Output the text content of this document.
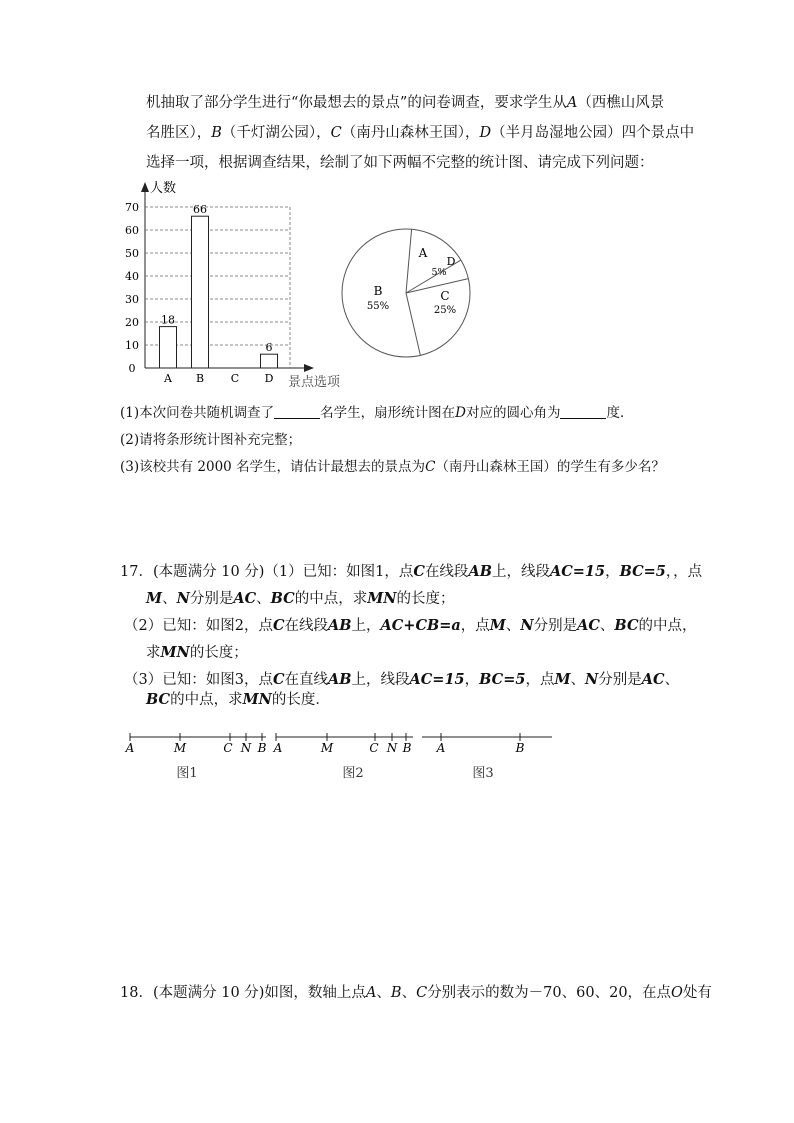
机抽取了部分学生进行“你最想去的景点”的问卷调查，要求学生从A（西樵山风景
名胜区），B（千灯湖公园），C（南丹山森林王国），D（半月岛湿地公园）四个景点中
选择一项，根据调查结果，绘制了如下两幅不完整的统计图、请完成下列问题：
人数
景点选项
0
10
20
30
40
50
60
70
18
66
6
A B C D
A
D
5%
C
25%
B
55%
(1)本次问卷共随机调查了	名学生，扇形统计图在D对应的圆心角为	度．
(2)请将条形统计图补充完整；
(3)该校共有 2000 名学生，请估计最想去的景点为C（南丹山森林王国）的学生有多少名？
17．(本题满分 10 分)（1）已知：如图1，点C在线段AB上，线段AC=15，BC=5，，点
M、N分别是AC、BC的中点，求MN的长度；
（2）已知：如图2，点C在线段AB上，AC+CB=a，点M、N分别是AC、BC的中点，
求MN的长度；
（3）已知：如图3，点C在直线AB上，线段AC=15，BC=5，点M、N分别是AC、
BC的中点，求MN的长度．
A	M	C N B
图1
A	M	C N B
图2
A	B
图3
18．(本题满分 10 分)如图，数轴上点A、B、C分别表示的数为－70、60、20，在点O处有
